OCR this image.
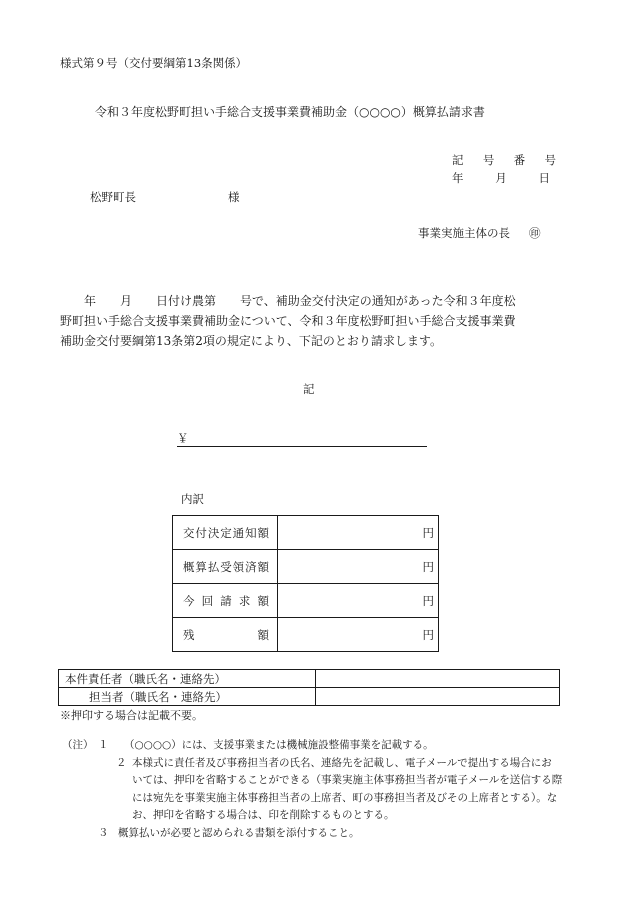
様式第９号（交付要綱第13条関係）
令和３年度松野町担い手総合支援事業費補助金（○○○○）概算払請求書
記　号　番　号
年　　月　　日
松野町長	様
事業実施主体の長 ㊞

　　年　　月　　日付け農第　　号で、補助金交付決定の通知があった令和３年度松

野町担い手総合支援事業費補助金について、令和３年度松野町担い手総合支援事業費

補助金交付要綱第13条第2項の規定により、下記のとおり請求します。

記
￥
内訳
交付決定通知額	円

概算払受領済額	円

今回請求額	円

残額	円
本件責任者（職氏名・連絡先）	
担当者（職氏名・連絡先）	
※押印する場合は記載不要。
（注） １ （○○○○）には、支援事業または機械施設整備事業を記載する。
２ 本様式に責任者及び事務担当者の氏名、連絡先を記載し、電子メールで提出する場合にお
いては、押印を省略することができる（事業実施主体事務担当者が電子メールを送信する際
には宛先を事業実施主体事務担当者の上席者、町の事務担当者及びその上席者とする）。な
お、押印を省略する場合は、印を削除するものとする。
３ 概算払いが必要と認められる書類を添付すること。
